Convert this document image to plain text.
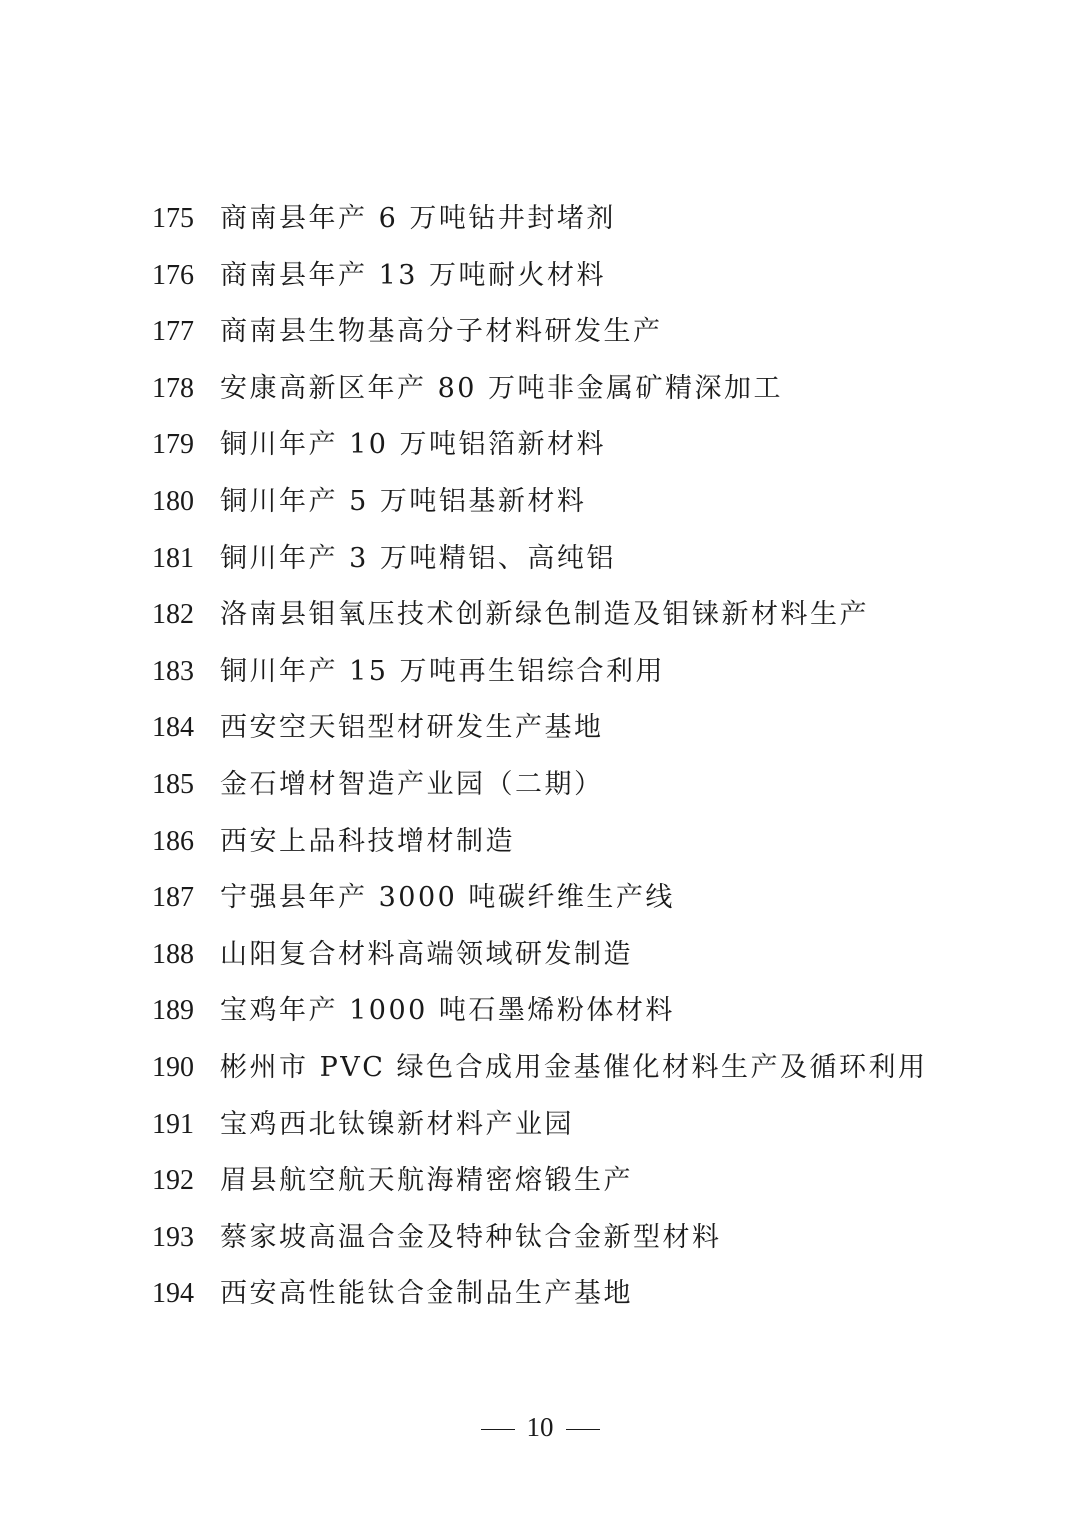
175 商南县年产 6 万吨钻井封堵剂
176 商南县年产 13 万吨耐火材料
177 商南县生物基高分子材料研发生产
178 安康高新区年产 80 万吨非金属矿精深加工
179 铜川年产 10 万吨铝箔新材料
180 铜川年产 5 万吨铝基新材料
181 铜川年产 3 万吨精铝、高纯铝
182 洛南县钼氧压技术创新绿色制造及钼铼新材料生产
183 铜川年产 15 万吨再生铝综合利用
184 西安空天铝型材研发生产基地
185 金石增材智造产业园（二期）
186 西安上品科技增材制造
187 宁强县年产 3000 吨碳纤维生产线
188 山阳复合材料高端领域研发制造
189 宝鸡年产 1000 吨石墨烯粉体材料
190 彬州市 PVC 绿色合成用金基催化材料生产及循环利用
191 宝鸡西北钛镍新材料产业园
192 眉县航空航天航海精密熔锻生产
193 蔡家坡高温合金及特种钛合金新型材料
194 西安高性能钛合金制品生产基地
10
